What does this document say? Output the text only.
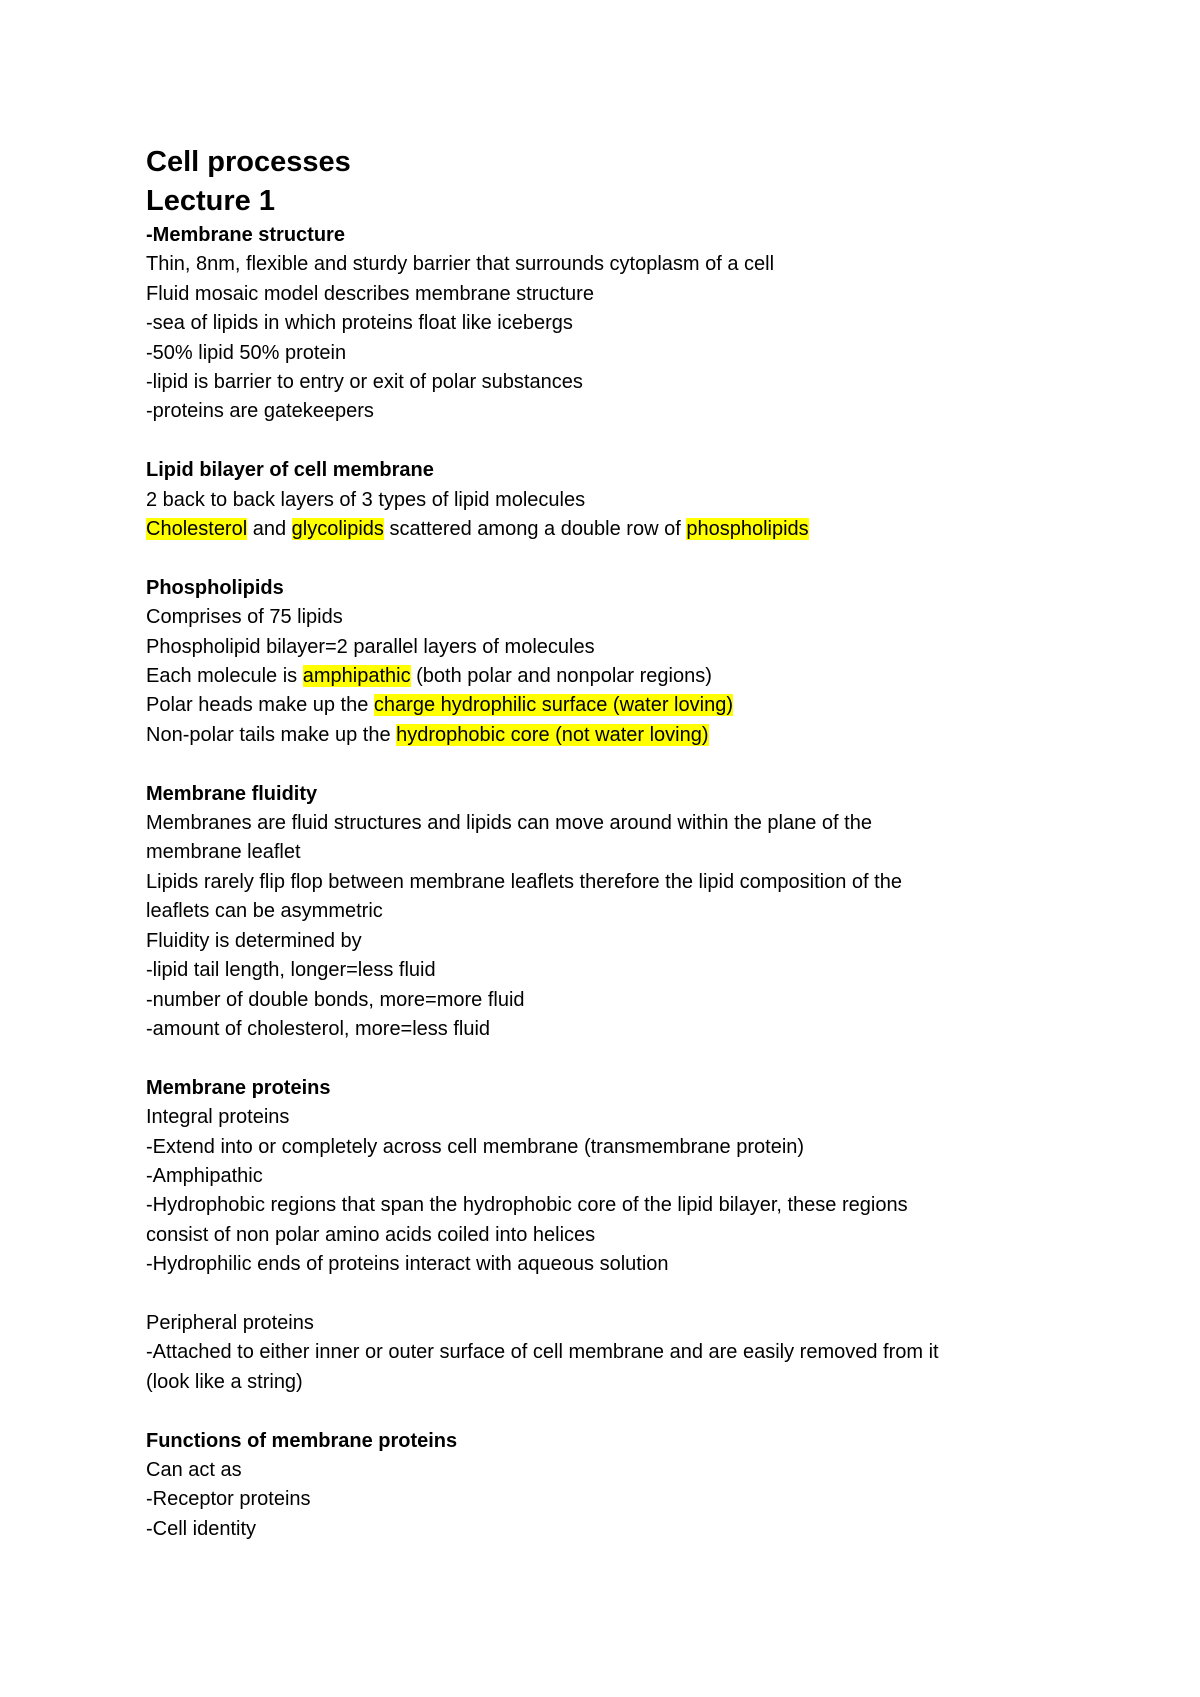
Cell processes

Lecture 1

-Membrane structure

Thin, 8nm, flexible and sturdy barrier that surrounds cytoplasm of a cell

Fluid mosaic model describes membrane structure

-sea of lipids in which proteins float like icebergs

-50% lipid 50% protein

-lipid is barrier to entry or exit of polar substances

-proteins are gatekeepers

Lipid bilayer of cell membrane

2 back to back layers of 3 types of lipid molecules

Cholesterol and glycolipids scattered among a double row of phospholipids

Phospholipids

Comprises of 75 lipids

Phospholipid bilayer=2 parallel layers of molecules

Each molecule is amphipathic (both polar and nonpolar regions)

Polar heads make up the charge hydrophilic surface (water loving)

Non-polar tails make up the hydrophobic core (not water loving)

Membrane fluidity

Membranes are fluid structures and lipids can move around within the plane of the

membrane leaflet

Lipids rarely flip flop between membrane leaflets therefore the lipid composition of the

leaflets can be asymmetric

Fluidity is determined by

-lipid tail length, longer=less fluid

-number of double bonds, more=more fluid

-amount of cholesterol, more=less fluid

Membrane proteins

Integral proteins

-Extend into or completely across cell membrane (transmembrane protein)

-Amphipathic

-Hydrophobic regions that span the hydrophobic core of the lipid bilayer, these regions

consist of non polar amino acids coiled into helices

-Hydrophilic ends of proteins interact with aqueous solution

Peripheral proteins

-Attached to either inner or outer surface of cell membrane and are easily removed from it

(look like a string)

Functions of membrane proteins

Can act as

-Receptor proteins

-Cell identity
